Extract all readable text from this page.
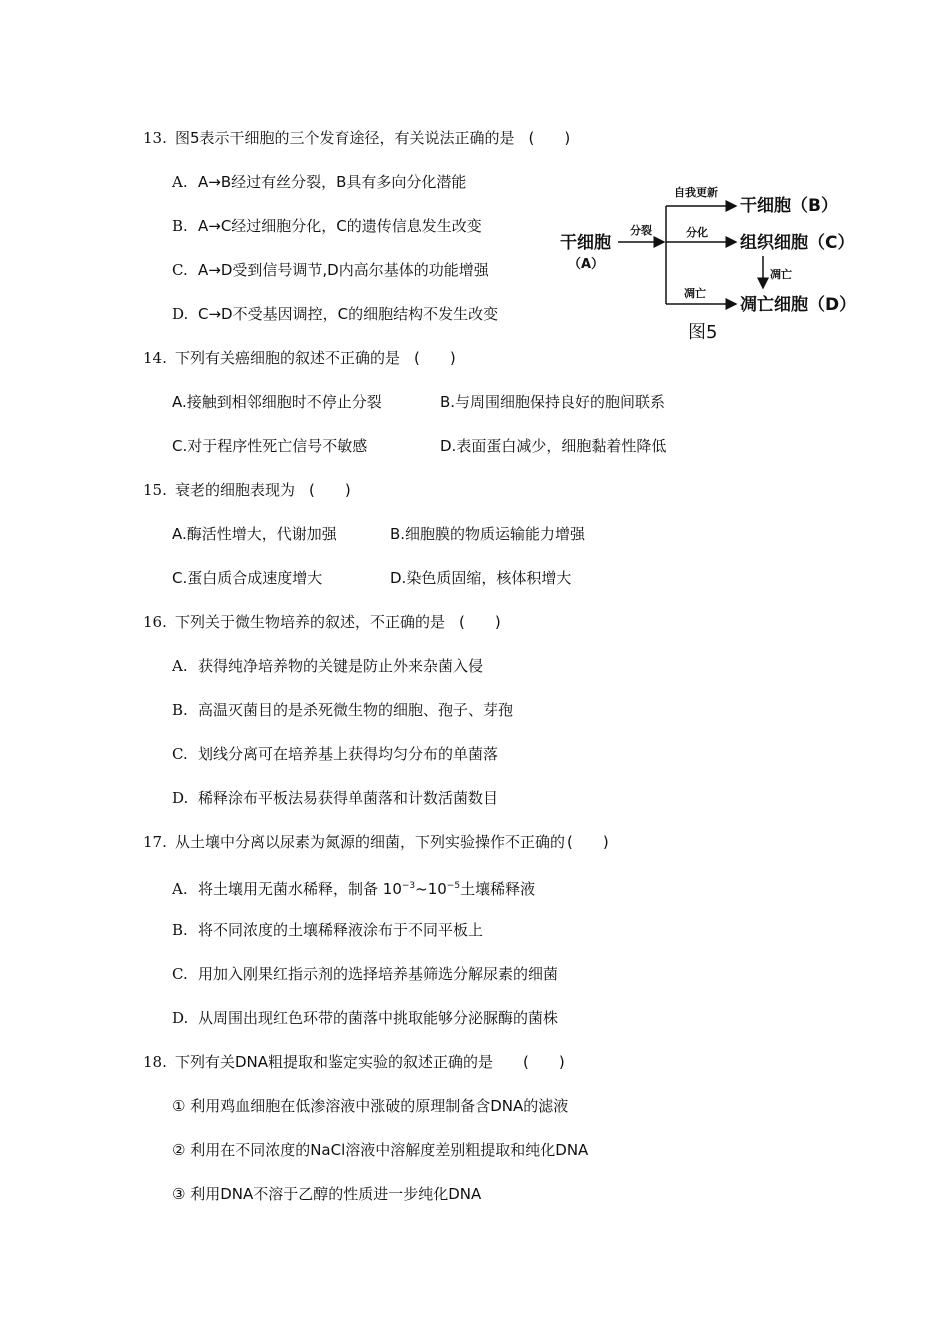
13. 图5表示干细胞的三个发育途径，有关说法正确的是 (　　)
A. A→B经过有丝分裂，B具有多向分化潜能
B. A→C经过细胞分化，C的遗传信息发生改变
C. A→D受到信号调节,D内高尔基体的功能增强
D. C→D不受基因调控，C的细胞结构不发生改变
干细胞
（A）
分裂
自我更新
分化
凋亡
干细胞（B）
组织细胞（C）
凋亡细胞（D）
凋亡
图5
14. 下列有关癌细胞的叙述不正确的是 (　　)
A.接触到相邻细胞时不停止分裂	B.与周围细胞保持良好的胞间联系
C.对于程序性死亡信号不敏感	D.表面蛋白减少，细胞黏着性降低
15. 衰老的细胞表现为 (　　)
A.酶活性增大，代谢加强	B.细胞膜的物质运输能力增强
C.蛋白质合成速度增大	D.染色质固缩，核体积增大
16. 下列关于微生物培养的叙述，不正确的是 (　　)
A. 获得纯净培养物的关键是防止外来杂菌入侵
B. 高温灭菌目的是杀死微生物的细胞、孢子、芽孢
C. 划线分离可在培养基上获得均匀分布的单菌落
D. 稀释涂布平板法易获得单菌落和计数活菌数目
17. 从土壤中分离以尿素为氮源的细菌，下列实验操作不正确的 (　　)
A. 将土壤用无菌水稀释，制备 $10^{-3}\sim 10^{-5}$土壤稀释液
B. 将不同浓度的土壤稀释液涂布于不同平板上
C. 用加入刚果红指示剂的选择培养基筛选分解尿素的细菌
D. 从周围出现红色环带的菌落中挑取能够分泌脲酶的菌株
18. 下列有关DNA粗提取和鉴定实验的叙述正确的是 (　　)
① 利用鸡血细胞在低渗溶液中涨破的原理制备含DNA的滤液
② 利用在不同浓度的NaCl溶液中溶解度差别粗提取和纯化DNA
③ 利用DNA不溶于乙醇的性质进一步纯化DNA
